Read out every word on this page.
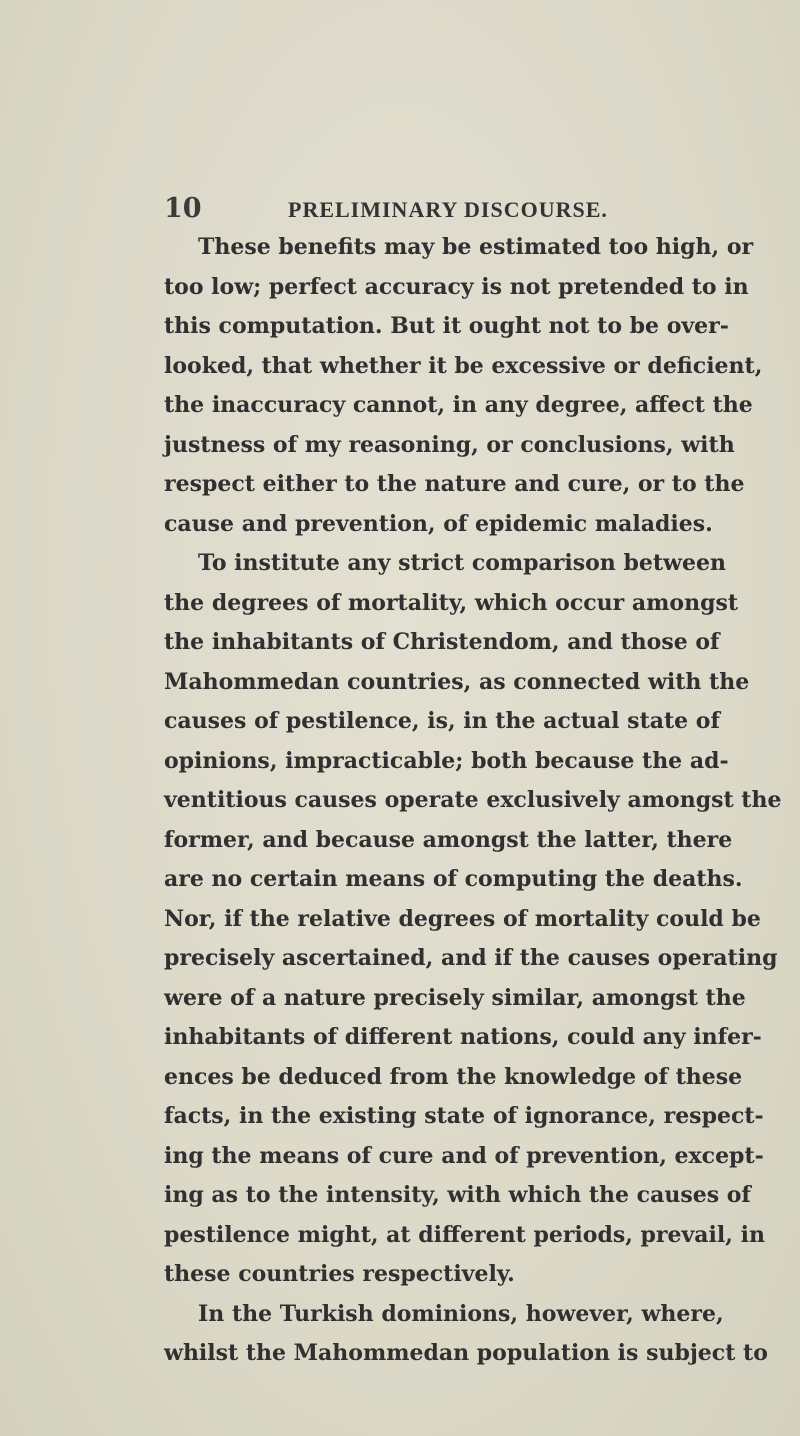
10	PRELIMINARY DISCOURSE.
These benefits may be estimated too high, or
too low; perfect accuracy is not pretended to in
this computation. But it ought not to be over-
looked, that whether it be excessive or deficient,
the inaccuracy cannot, in any degree, affect the
justness of my reasoning, or conclusions, with
respect either to the nature and cure, or to the
cause and prevention, of epidemic maladies.
To institute any strict comparison between
the degrees of mortality, which occur amongst
the inhabitants of Christendom, and those of
Mahommedan countries, as connected with the
causes of pestilence, is, in the actual state of
opinions, impracticable; both because the ad-
ventitious causes operate exclusively amongst the
former, and because amongst the latter, there
are no certain means of computing the deaths.
Nor, if the relative degrees of mortality could be
precisely ascertained, and if the causes operating
were of a nature precisely similar, amongst the
inhabitants of different nations, could any infer-
ences be deduced from the knowledge of these
facts, in the existing state of ignorance, respect-
ing the means of cure and of prevention, except-
ing as to the intensity, with which the causes of
pestilence might, at different periods, prevail, in
these countries respectively.
In the Turkish dominions, however, where,
whilst the Mahommedan population is subject to
